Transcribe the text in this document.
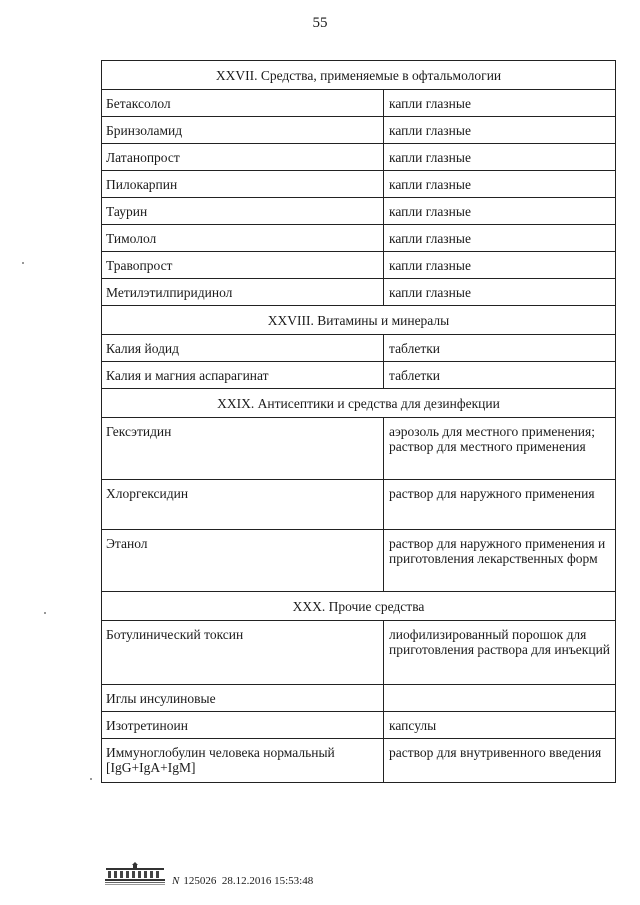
55
XXVII. Средства, применяемые в офтальмологии	
Бетаксолол	капли глазные
Бринзоламид	капли глазные
Латанопрост	капли глазные
Пилокарпин	капли глазные
Таурин	капли глазные
Тимолол	капли глазные
Травопрост	капли глазные
Метилэтилпиридинол	капли глазные
XXVIII. Витамины и минералы	
Калия йодид	таблетки
Калия и магния аспарагинат	таблетки
XXIX. Антисептики и средства для дезинфекции	
Гексэтидин	аэрозоль для местного применения; раствор для местного применения
Хлоргексидин	раствор для наружного применения
Этанол	раствор для наружного применения и приготовления лекарственных форм
XXX. Прочие средства	
Ботулинический токсин	лиофилизированный порошок для приготовления раствора для инъекций
Иглы инсулиновые	
Изотретиноин	капсулы
Иммуноглобулин человека нормальный [IgG+IgA+IgM]	раствор для внутривенного введения
N 125026 28.12.2016 15:53:48
